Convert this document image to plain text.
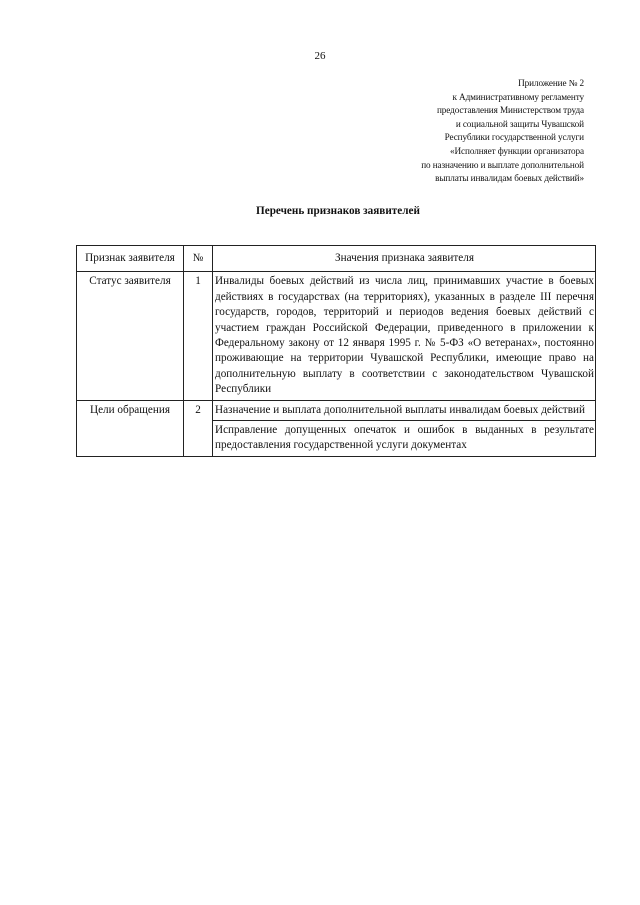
26
Приложение № 2
к Административному регламенту
предоставления Министерством труда
и социальной защиты Чувашской
Республики государственной услуги
«Исполняет функции организатора
по назначению и выплате дополнительной
выплаты инвалидам боевых действий»
Перечень признаков заявителей
Признак заявителя	№	Значения признака заявителя
Статус заявителя	1	Инвалиды боевых действий из числа лиц, принимавших участие в боевых действиях в государствах (на территориях), указанных в разделе III перечня государств, городов, территорий и периодов ведения боевых действий с участием граждан Российской Федерации, приведенного в приложении к Федеральному закону от 12 января 1995 г. № 5-ФЗ «О ветеранах», постоянно проживающие на территории Чувашской Республики, имеющие право на дополнительную выплату в соответствии с законодательством Чувашской Республики
Цели обращения	2	Назначение и выплата дополнительной выплаты инвалидам боевых действий
		Исправление допущенных опечаток и ошибок в выданных в результате предоставления государственной услуги документах
